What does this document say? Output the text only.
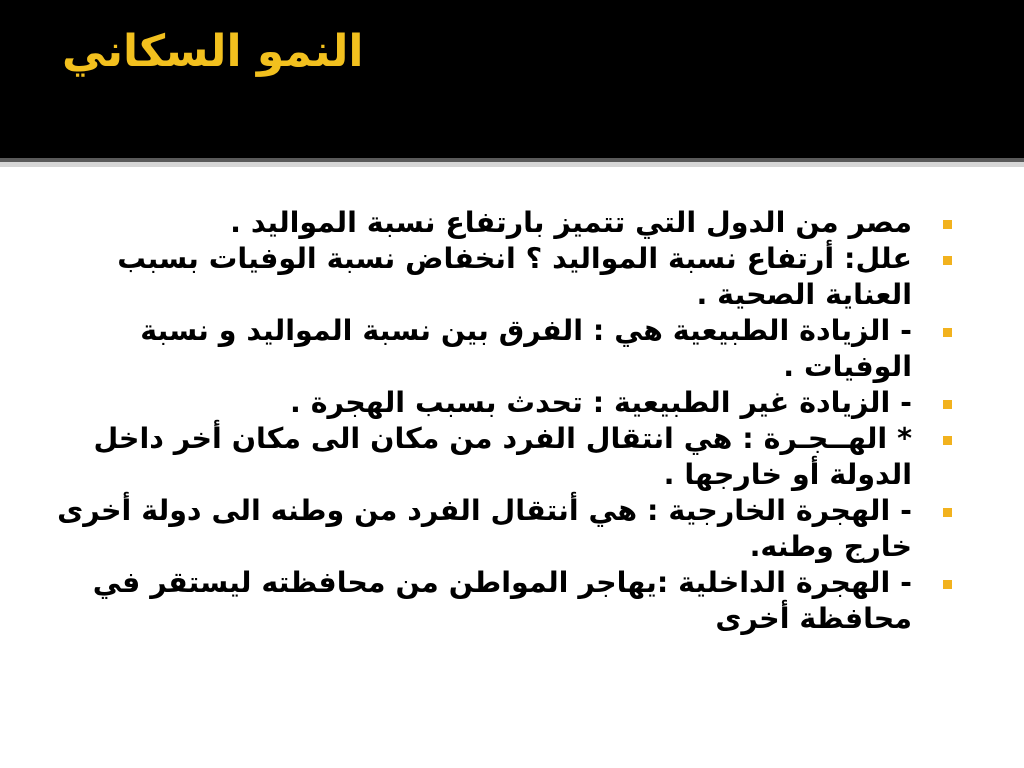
النمو السكاني
مصر من الدول التي تتميز بارتفاع نسبة المواليد .
علل: أرتفاع نسبة المواليد ؟ انخفاض نسبة الوفيات بسبب العناية الصحية .
- الزيادة الطبيعية هي : الفرق بين نسبة المواليد و نسبة الوفيات .
- الزيادة غير الطبيعية : تحدث بسبب الهجرة .
* الهــجـرة : هي انتقال الفرد من مكان الى مكان أخر داخل الدولة أو خارجها .
- الهجرة الخارجية : هي أنتقال الفرد من وطنه الى دولة أخرى خارج وطنه.
- الهجرة الداخلية :يهاجر المواطن من محافظته ليستقر في محافظة أخرى
